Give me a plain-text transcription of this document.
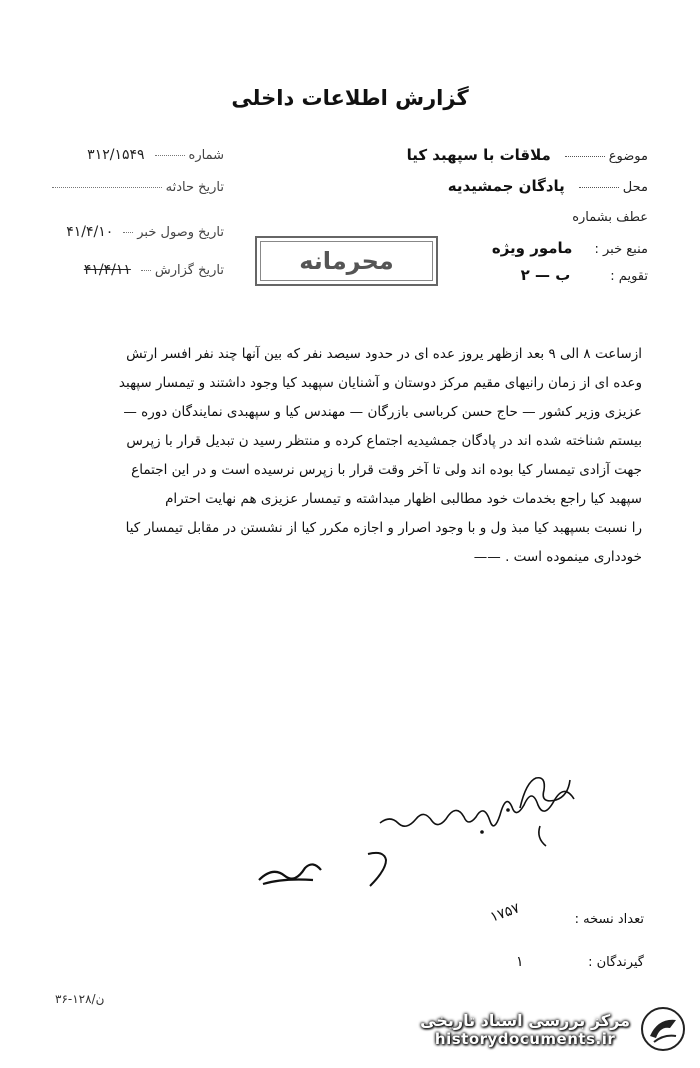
گزارش اطلاعات داخلی
موضوعملاقات با سپهبد کیا
محلپادگان جمشیدیه
عطف بشماره
منبع خبر :مامور ویژه
تقویم :ب — ۲
شماره۳۱۲/۱۵۴۹
تاریخ حادثه
تاریخ وصول خبر۴۱/۴/۱۰
تاریخ گزارش۴۱/۴/۱۱	محرمانه

ازساعت ۸ الی ۹ بعد ازظهر یروز عده ای در حدود سیصد نفر که بین آنها چند نفر افسر ارتش

وعده ای از زمان رانیهای مقیم مرکز دوستان و آشنایان سپهبد کیا وجود داشتند و تیمسار سپهبد

عزیزی وزیر کشور — حاج حسن کرباسی بازرگان — مهندس کیا و سپهبدی نمایندگان دوره —

بیستم شناخته شده اند در پادگان جمشیدیه اجتماع کرده و منتظر رسید ن تبدیل قرار با زپرس

جهت آزادی تیمسار کیا بوده اند ولی تا آخر وقت قرار با زپرس نرسیده است و در این اجتماع

سپهبد کیا راجع بخدمات خود مطالبی اظهار میداشته و تیمسار عزیزی هم نهایت احترام

را نسبت بسپهبد کیا مبذ ول و با وجود اصرار و اجازه مکرر کیا از نشستن در مقابل تیمسار کیا

خودداری مینموده است . ——

تعداد نسخه :
۱۷۵۷
گیرندگان :
۱
۳۶-۱۲۸/ن
مرکز بررسی اسناد تاریخی
historydocuments.ir
